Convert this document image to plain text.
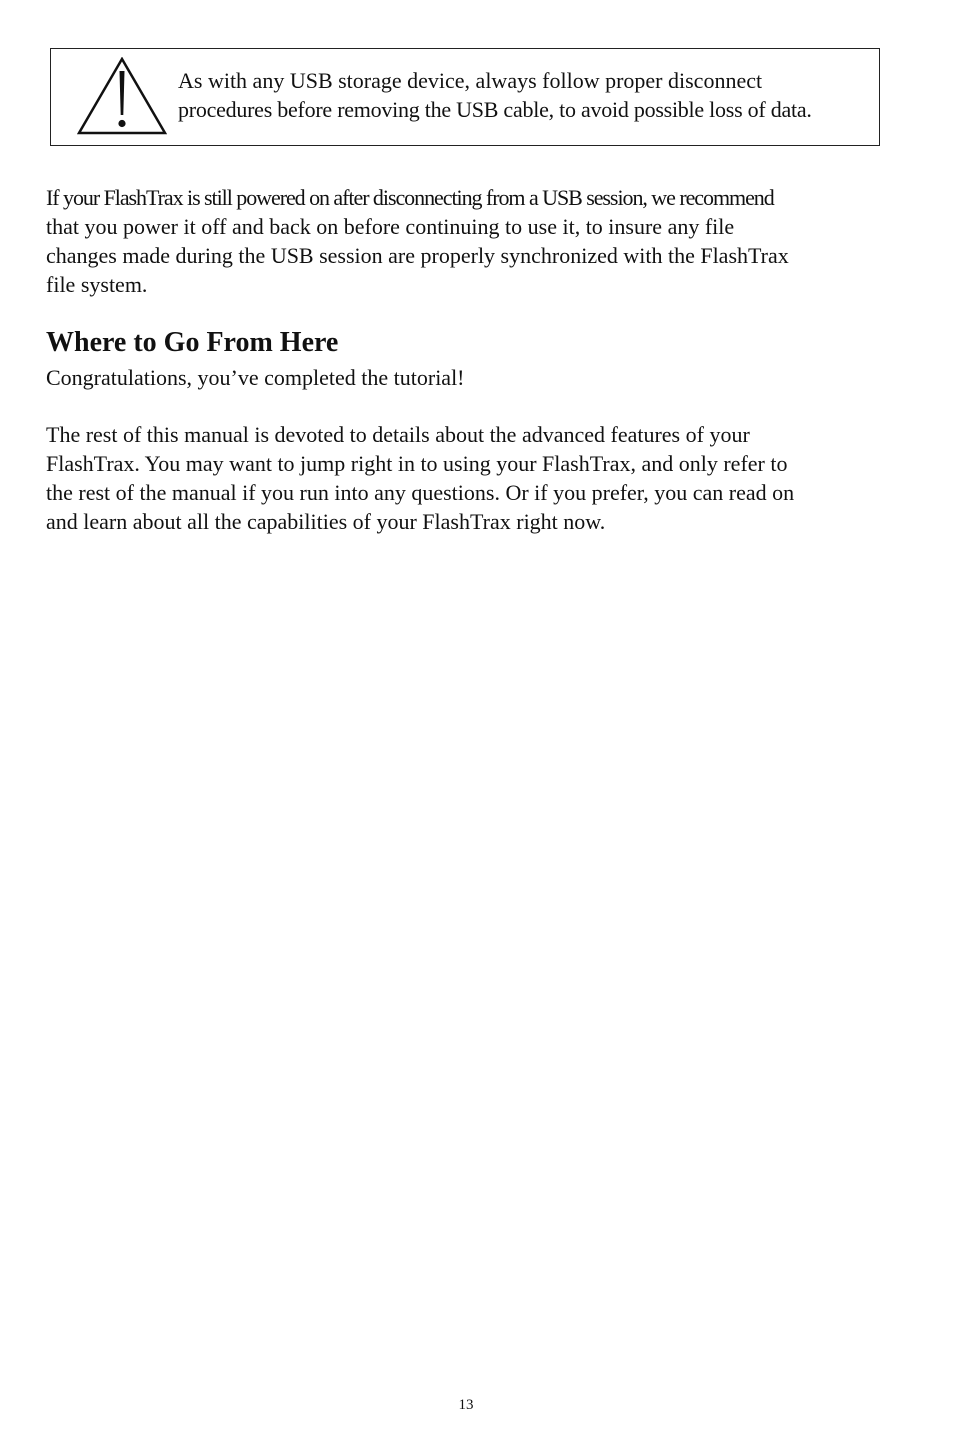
As with any USB storage device, always follow proper disconnect
procedures before removing the USB cable, to avoid possible loss of data.

If your FlashTrax is still powered on after disconnecting from a USB session, we recommend
that you power it off and back on before continuing to use it, to insure any file
changes made during the USB session are properly synchronized with the FlashTrax
file system.

Where to Go From Here

Congratulations, you’ve completed the tutorial!

The rest of this manual is devoted to details about the advanced features of your
FlashTrax. You may want to jump right in to using your FlashTrax, and only refer to
the rest of the manual if you run into any questions. Or if you prefer, you can read on
and learn about all the capabilities of your FlashTrax right now.

13
